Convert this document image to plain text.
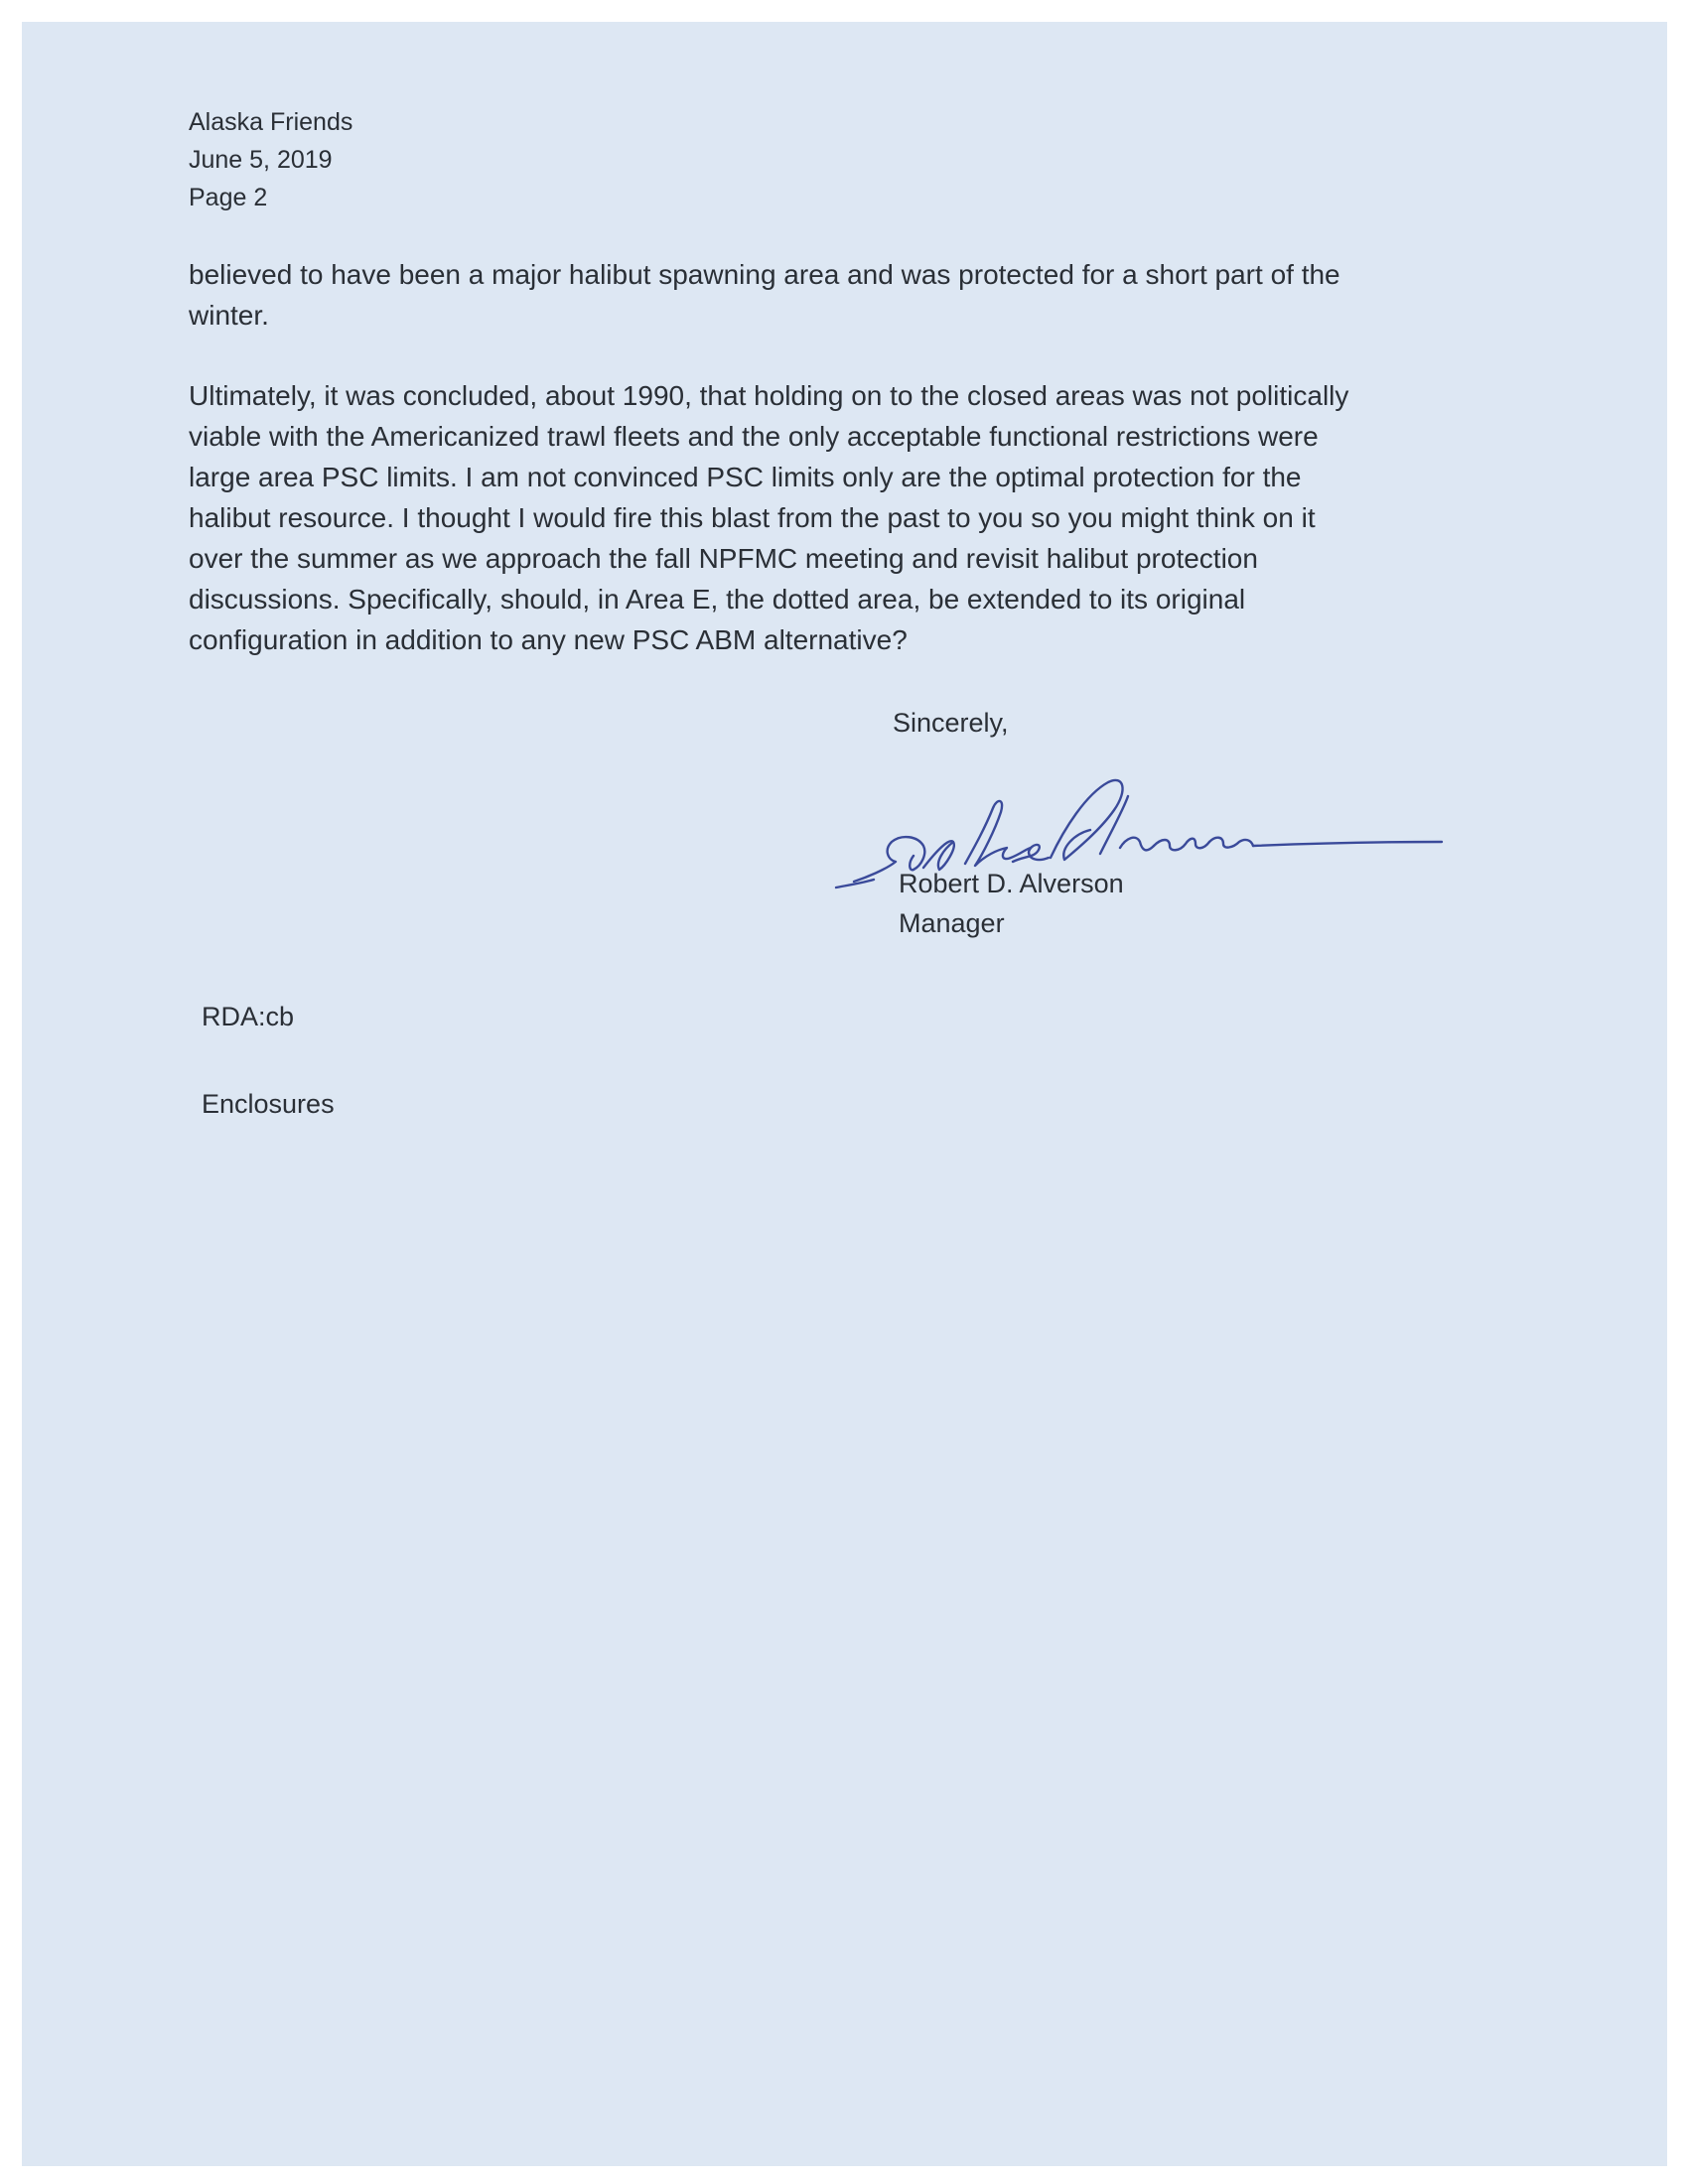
Alaska Friends
June 5, 2019
Page 2
believed to have been a major halibut spawning area and was protected for a short part of the
winter.
Ultimately, it was concluded, about 1990, that holding on to the closed areas was not politically
viable with the Americanized trawl fleets and the only acceptable functional restrictions were
large area PSC limits. I am not convinced PSC limits only are the optimal protection for the
halibut resource. I thought I would fire this blast from the past to you so you might think on it
over the summer as we approach the fall NPFMC meeting and revisit halibut protection
discussions. Specifically, should, in Area E, the dotted area, be extended to its original
configuration in addition to any new PSC ABM alternative?
Sincerely,
Robert D. Alverson
Manager
RDA:cb
Enclosures
